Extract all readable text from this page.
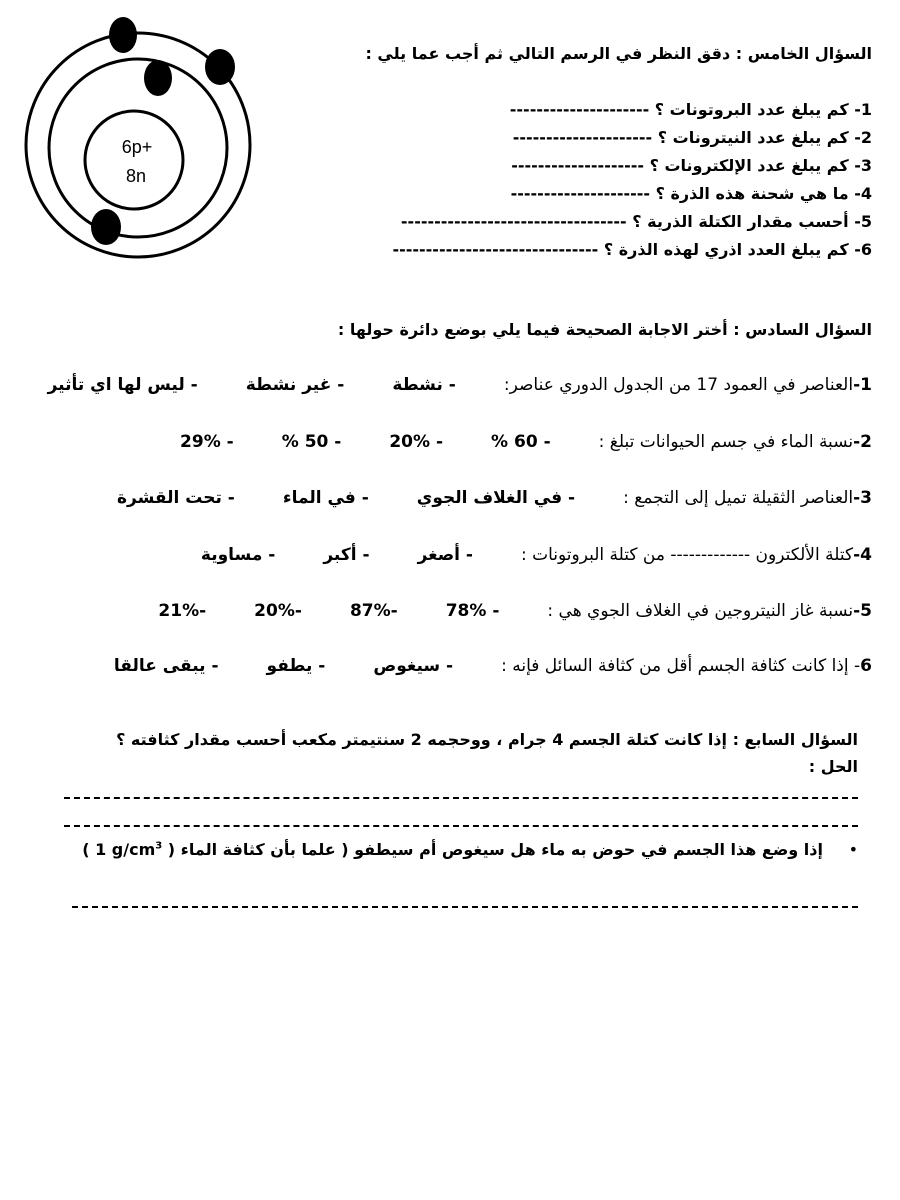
6p+
8n
السؤال الخامس : دقق النظر في الرسم التالي ثم أجب عما يلي :
1- كم يبلغ عدد البروتونات ؟ ---------------------
2- كم يبلغ عدد النيترونات ؟ ---------------------
3- كم يبلغ عدد الإلكترونات ؟ --------------------
4- ما هي شحنة هذه الذرة ؟ ---------------------
5- أحسب مقدار الكتلة الذرية ؟ ----------------------------------
6- كم يبلغ العدد اذري لهذه الذرة ؟ -------------------------------
السؤال السادس : أختر الاجابة الصحيحة فيما يلي بوضع دائرة حولها :
1-
العناصر في العمود 17 من الجدول الدوري عناصر:
- نشطة
- غير نشطة
- ليس لها اي تأثير
2-
نسبة الماء في جسم الحيوانات تبلغ :
- 60 %
- 20%
- 50 %
- 29%
3-
العناصر الثقيلة تميل إلى التجمع :
- في الغلاف الجوي
- في الماء
- تحت القشرة
4-
كتلة الألكترون ------------- من كتلة البروتونات :
- أصغر
- أكبر
- مساوية
5-
نسبة غاز النيتروجين في الغلاف الجوي هي :
- 78%
-87%
-20%
-21%
6
- إذا كانت كثافة الجسم أقل من كثافة السائل فإنه :
- سيغوص
- يطفو
- يبقى عالقا
السؤال السابع : إذا كانت كتلة الجسم 4 جرام ، ووحجمه 2 سنتيمتر مكعب أحسب مقدار كثافته ؟
الحل :
• إذا وضع هذا الجسم في حوض به ماء هل سيغوص أم سيطفو ( علما بأن كثافة الماء ( 1 $g/cm^3$ )
